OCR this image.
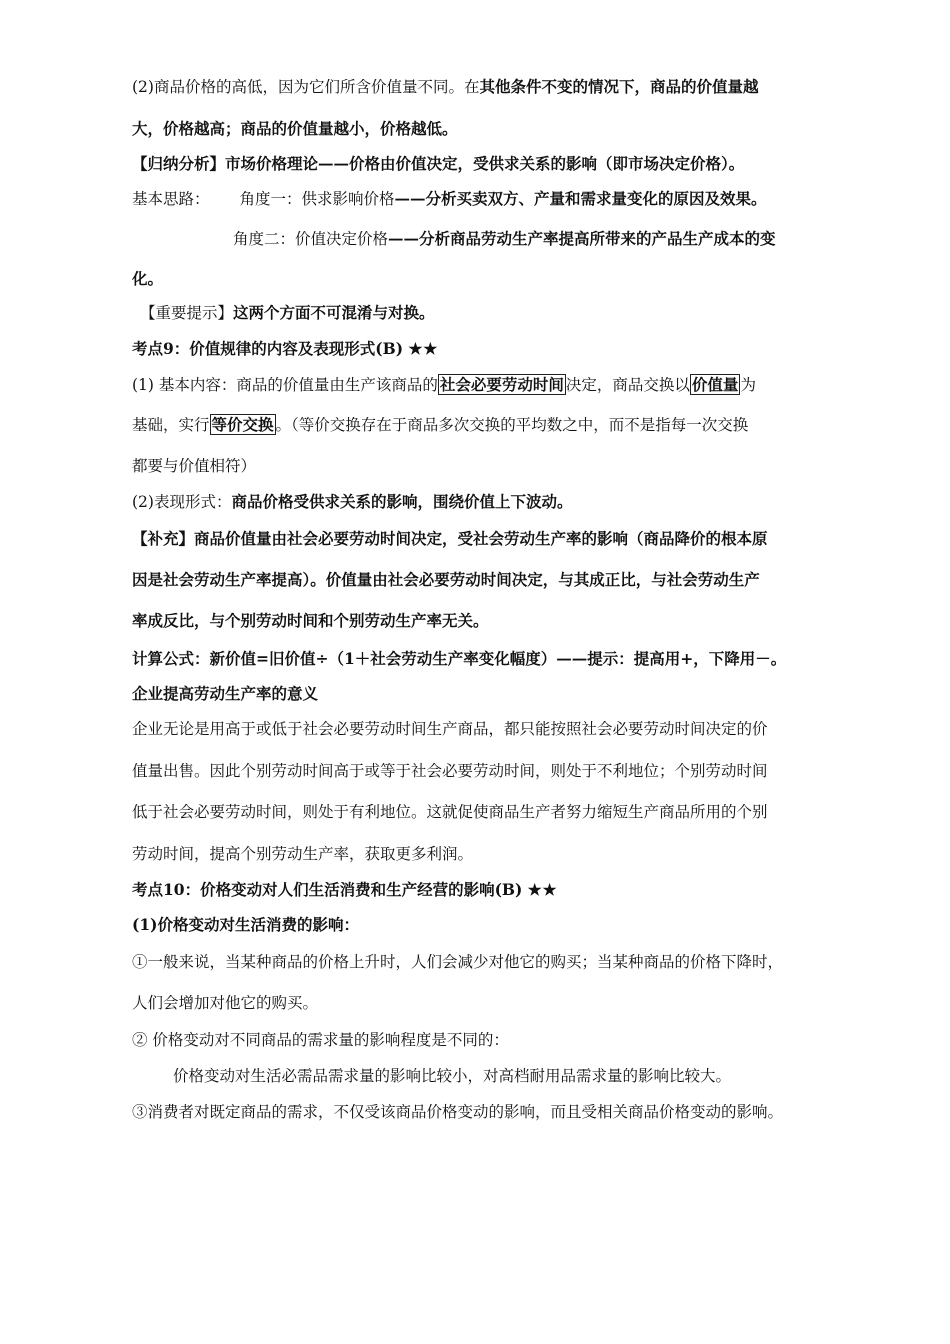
(2)商品价格的高低，因为它们所含价值量不同。在其他条件不变的情况下，商品的价值量越
大，价格越高；商品的价值量越小，价格越低。
【归纳分析】市场价格理论——价格由价值决定，受供求关系的影响（即市场决定价格）。
基本思路： 角度一：供求影响价格——分析买卖双方、产量和需求量变化的原因及效果。
角度二：价值决定价格——分析商品劳动生产率提高所带来的产品生产成本的变
化。
【重要提示】这两个方面不可混淆与对换。
考点9：价值规律的内容及表现形式(B) ★★
(1) 基本内容：商品的价值量由生产该商品的 社会必要劳动时间 决定，商品交换以 价值量 为
基础，实行 等价交换 。（等价交换存在于商品多次交换的平均数之中，而不是指每一次交换
都要与价值相符）
(2)表现形式：商品价格受供求关系的影响，围绕价值上下波动。
【补充】商品价值量由社会必要劳动时间决定，受社会劳动生产率的影响（商品降价的根本原
因是社会劳动生产率提高）。价值量由社会必要劳动时间决定，与其成正比，与社会劳动生产
率成反比，与个别劳动时间和个别劳动生产率无关。
计算公式：新价值=旧价值÷（1＋社会劳动生产率变化幅度）——提示：提高用+，下降用－。
企业提高劳动生产率的意义
企业无论是用高于或低于社会必要劳动时间生产商品，都只能按照社会必要劳动时间决定的价
值量出售。因此个别劳动时间高于或等于社会必要劳动时间，则处于不利地位；个别劳动时间
低于社会必要劳动时间，则处于有利地位。这就促使商品生产者努力缩短生产商品所用的个别
劳动时间，提高个别劳动生产率，获取更多利润。
考点10：价格变动对人们生活消费和生产经营的影响(B) ★★
(1)价格变动对生活消费的影响：
①一般来说，当某种商品的价格上升时，人们会减少对他它的购买；当某种商品的价格下降时，
人们会增加对他它的购买。
② 价格变动对不同商品的需求量的影响程度是不同的：
价格变动对生活必需品需求量的影响比较小，对高档耐用品需求量的影响比较大。
③消费者对既定商品的需求，不仅受该商品价格变动的影响，而且受相关商品价格变动的影响。
